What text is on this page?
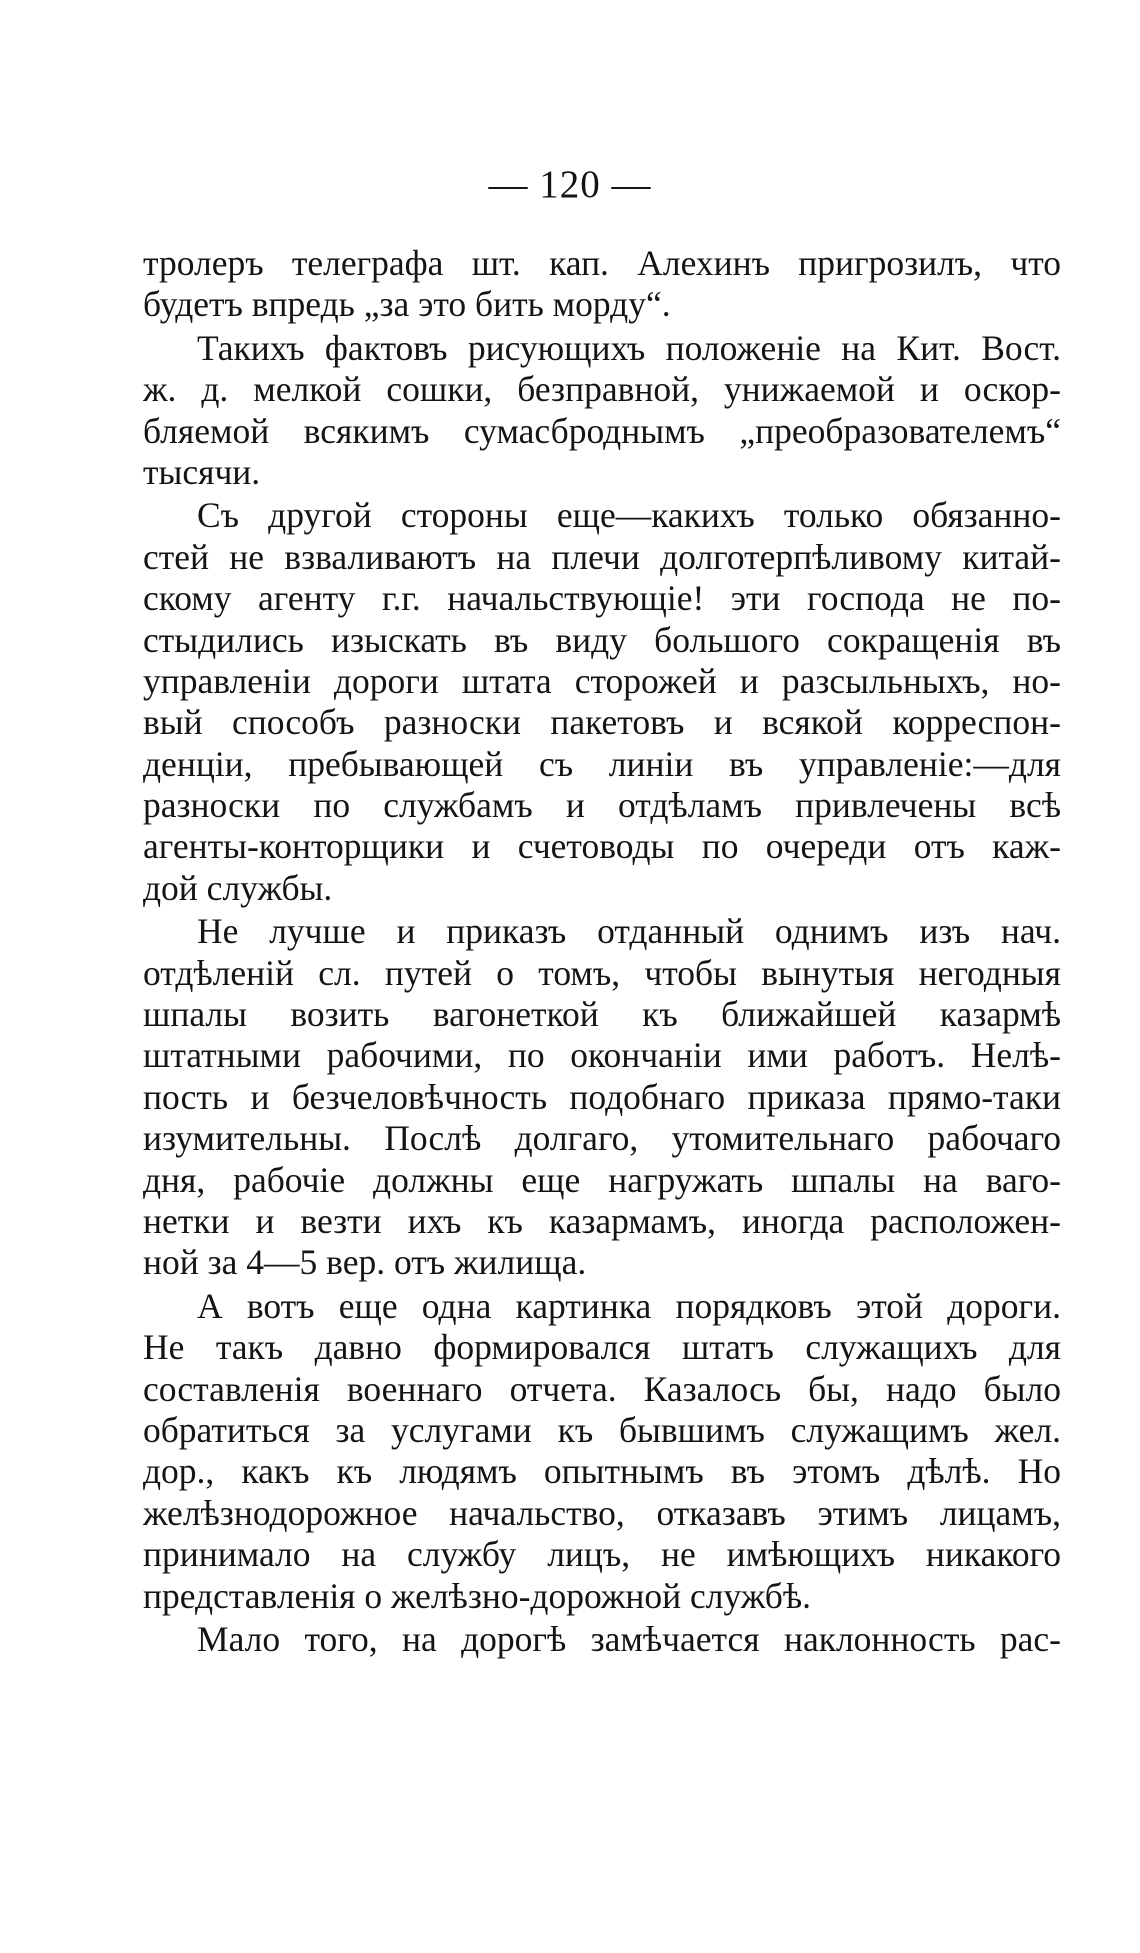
— 120 —
тролеръ телеграфа шт. кап. Алехинъ пригрозилъ, что
будетъ впредь „за это бить морду“.
Такихъ фактовъ рисующихъ положеніе на Кит. Вост.
ж. д. мелкой сошки, безправной, унижаемой и оскор-
бляемой всякимъ сумасброднымъ „преобразователемъ“
тысячи.
Съ другой стороны еще—какихъ только обязанно-
стей не взваливаютъ на плечи долготерпѣливому китай-
скому агенту г.г. начальствующіе! эти господа не по-
стыдились изыскать въ виду большого сокращенія въ
управленіи дороги штата сторожей и разсыльныхъ, но-
вый способъ разноски пакетовъ и всякой корреспон-
денціи, пребывающей съ линіи въ управленіе:—для
разноски по службамъ и отдѣламъ привлечены всѣ
агенты-конторщики и счетоводы по очереди отъ каж-
дой службы.
Не лучше и приказъ отданный однимъ изъ нач.
отдѣленій сл. путей о томъ, чтобы вынутыя негодныя
шпалы возить вагонеткой къ ближайшей казармѣ
штатными рабочими, по окончаніи ими работъ. Нелѣ-
пость и безчеловѣчность подобнаго приказа прямо-таки
изумительны. Послѣ долгаго, утомительнаго рабочаго
дня, рабочіе должны еще нагружать шпалы на ваго-
нетки и везти ихъ къ казармамъ, иногда расположен-
ной за 4—5 вер. отъ жилища.
А вотъ еще одна картинка порядковъ этой дороги.
Не такъ давно формировался штатъ служащихъ для
составленія военнаго отчета. Казалось бы, надо было
обратиться за услугами къ бывшимъ служащимъ жел.
дор., какъ къ людямъ опытнымъ въ этомъ дѣлѣ. Но
желѣзнодорожное начальство, отказавъ этимъ лицамъ,
принимало на службу лицъ, не имѣющихъ никакого
представленія о желѣзно-дорожной службѣ.
Мало того, на дорогѣ замѣчается наклонность рас-
